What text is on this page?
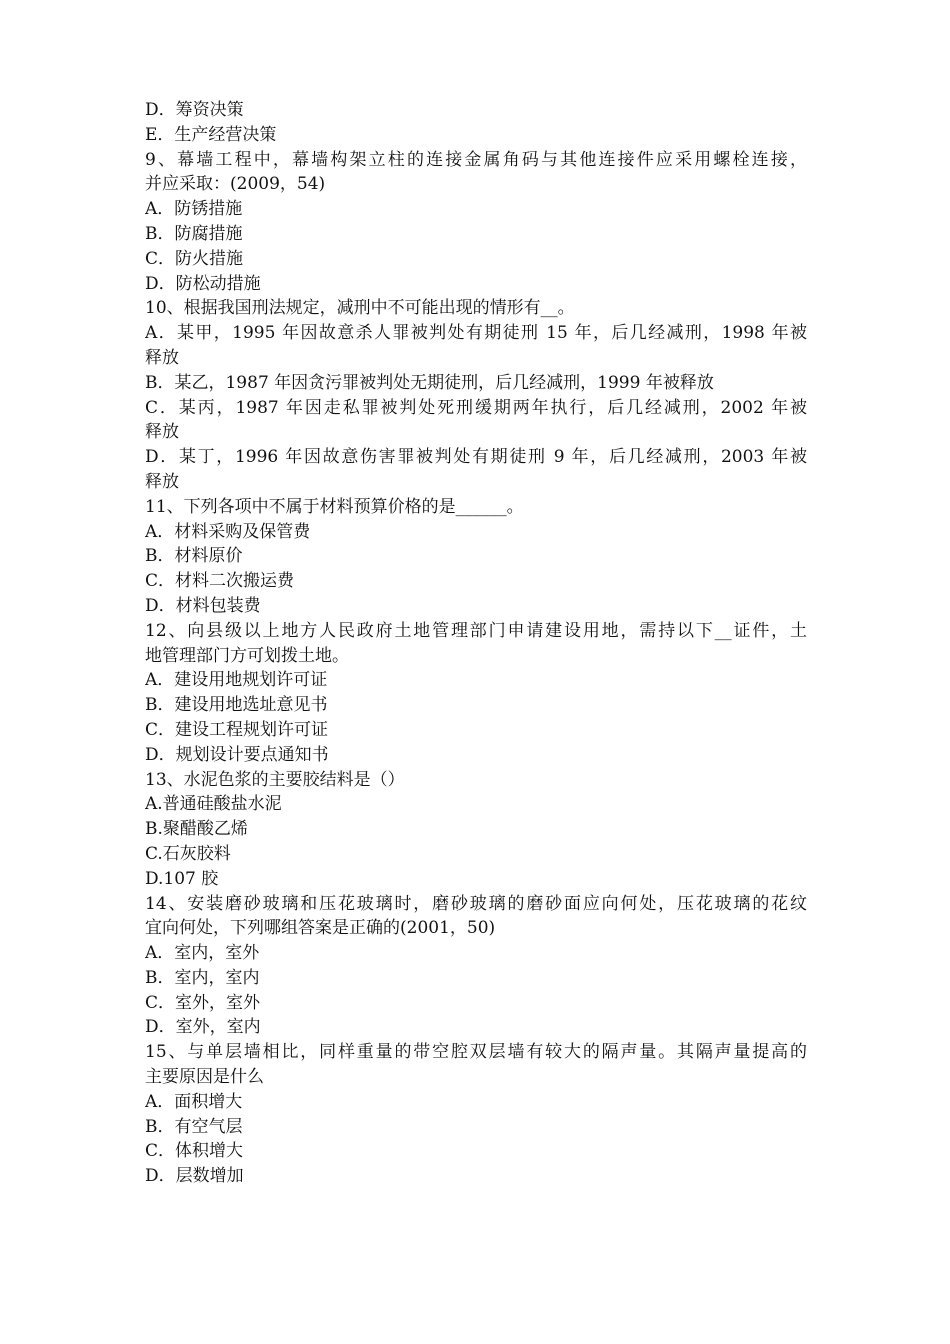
D．筹资决策
E．生产经营决策
9、幕墙工程中，幕墙构架立柱的连接金属角码与其他连接件应采用螺栓连接，
并应采取：(2009，54)
A．防锈措施
B．防腐措施
C．防火措施
D．防松动措施
10、根据我国刑法规定，减刑中不可能出现的情形有__。
A．某甲，1995 年因故意杀人罪被判处有期徒刑 15 年，后几经减刑，1998 年被
释放
B．某乙，1987 年因贪污罪被判处无期徒刑，后几经减刑，1999 年被释放
C．某丙，1987 年因走私罪被判处死刑缓期两年执行，后几经减刑，2002 年被
释放
D．某丁，1996 年因故意伤害罪被判处有期徒刑 9 年，后几经减刑，2003 年被
释放
11、下列各项中不属于材料预算价格的是______。
A．材料采购及保管费
B．材料原价
C．材料二次搬运费
D．材料包装费
12、向县级以上地方人民政府土地管理部门申请建设用地，需持以下__证件，土
地管理部门方可划拨土地。
A．建设用地规划许可证
B．建设用地选址意见书
C．建设工程规划许可证
D．规划设计要点通知书
13、水泥色浆的主要胶结料是（）
A.普通硅酸盐水泥
B.聚醋酸乙烯
C.石灰胶料
D.107 胶
14、安装磨砂玻璃和压花玻璃时，磨砂玻璃的磨砂面应向何处，压花玻璃的花纹
宜向何处，下列哪组答案是正确的(2001，50)
A．室内，室外
B．室内，室内
C．室外，室外
D．室外，室内
15、与单层墙相比，同样重量的带空腔双层墙有较大的隔声量。其隔声量提高的
主要原因是什么
A．面积增大
B．有空气层
C．体积增大
D．层数增加
